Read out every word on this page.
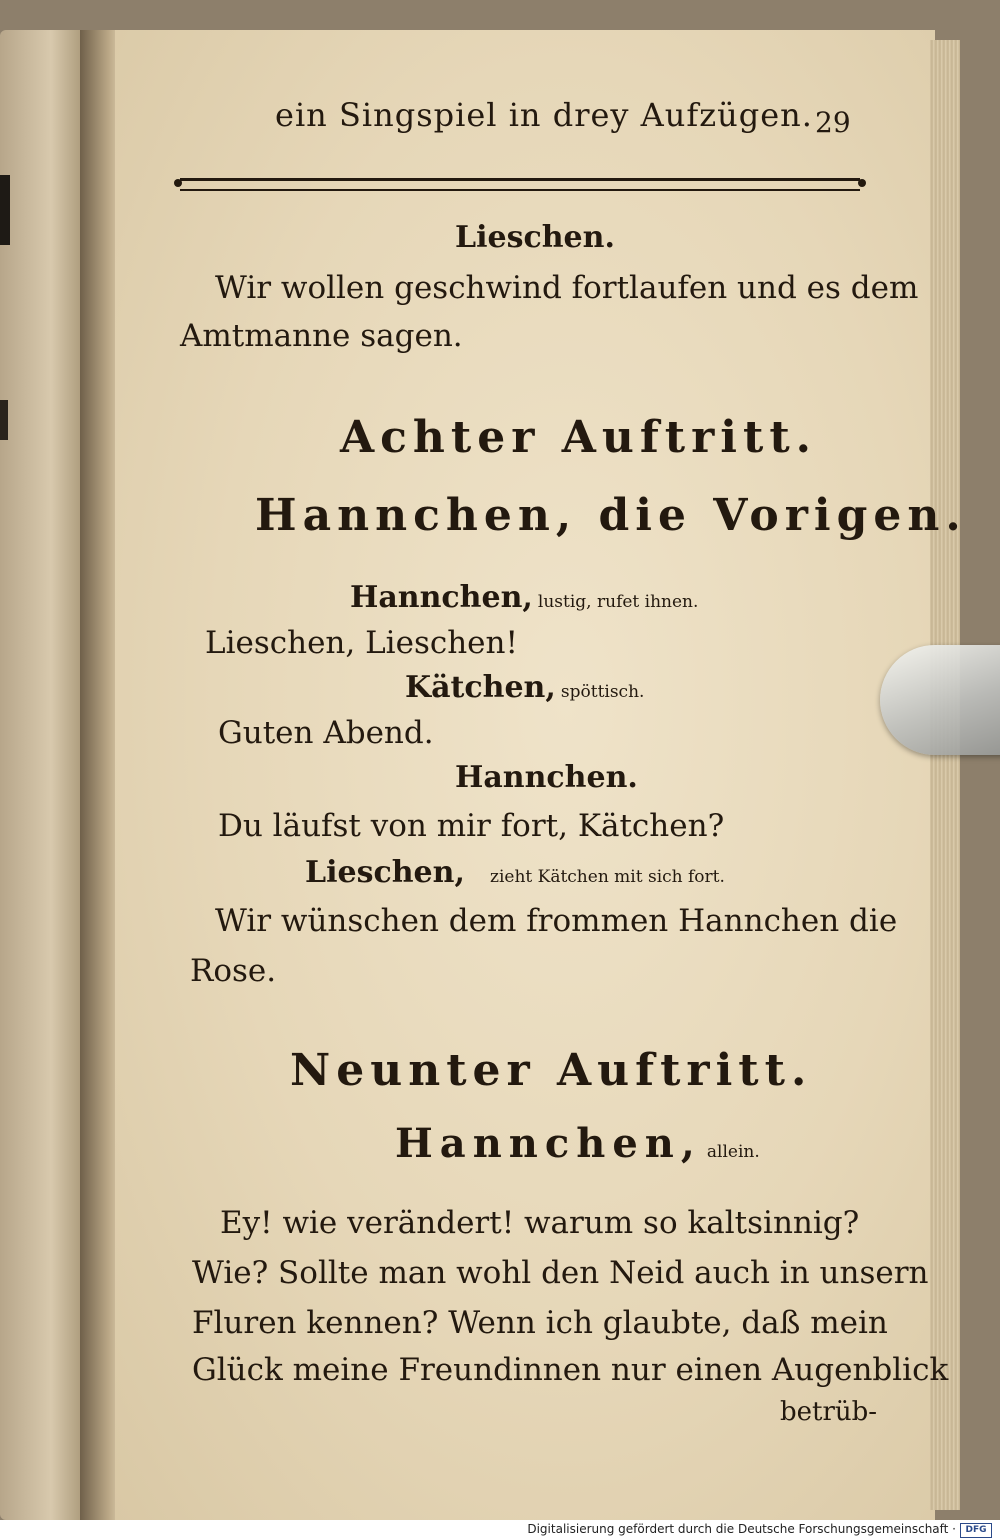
ein Singspiel in drey Aufzügen. 29
Lieschen.
Wir wollen geschwind fortlaufen und es dem
Amtmanne sagen.
Achter Auftritt.
Hannchen, die Vorigen.
Hannchen, lustig, rufet ihnen.
Lieschen, Lieschen!
Kätchen, spöttisch.
Guten Abend.
Hannchen.
Du läufst von mir fort, Kätchen?
Lieschen, zieht Kätchen mit sich fort.
Wir wünschen dem frommen Hannchen die
Rose.
Neunter Auftritt.
Hannchen, allein.
Ey! wie verändert! warum so kaltsinnig?
Wie? Sollte man wohl den Neid auch in unsern
Fluren kennen? Wenn ich glaubte, daß mein
Glück meine Freundinnen nur einen Augenblick
betrüb-
Digitalisierung gefördert durch die Deutsche Forschungsgemeinschaft ·	DFG
